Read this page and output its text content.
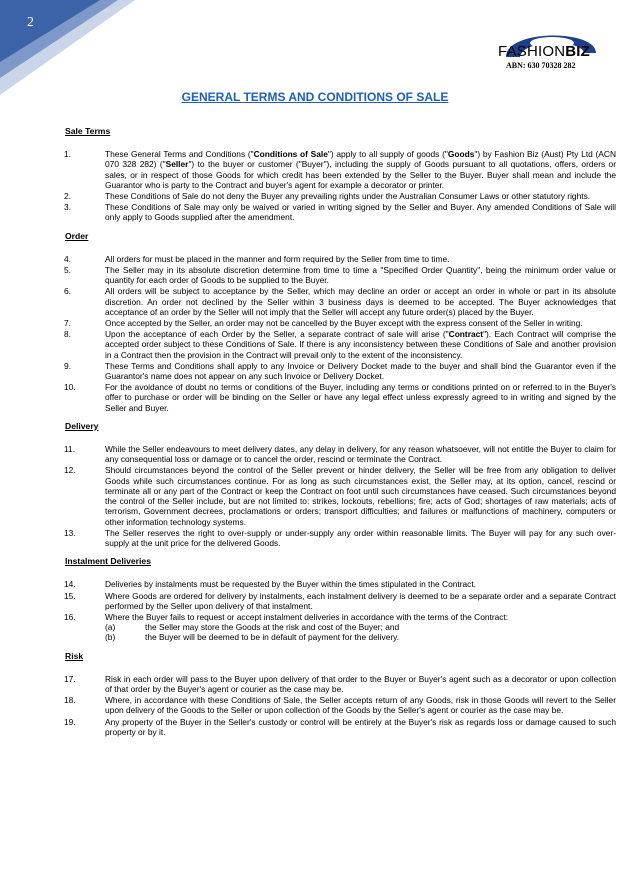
2
FASHIONBIZ
ABN: 630 70328 282
GENERAL TERMS AND CONDITIONS OF SALE
Sale Terms
1.	These General Terms and Conditions ("Conditions of Sale") apply to all supply of goods ("Goods") by Fashion Biz (Aust) Pty Ltd (ACN 070 328 282) ("Seller") to the buyer or customer ("Buyer"), including the supply of Goods pursuant to all quotations, offers, orders or sales, or in respect of those Goods for which credit has been extended by the Seller to the Buyer. Buyer shall mean and include the Guarantor who is party to the Contract and buyer's agent for example a decorator or printer.
2.	These Conditions of Sale do not deny the Buyer any prevailing rights under the Australian Consumer Laws or other statutory rights.
3.	These Conditions of Sale may only be waived or varied in writing signed by the Seller and Buyer. Any amended Conditions of Sale will only apply to Goods supplied after the amendment.
Order
4.	All orders for must be placed in the manner and form required by the Seller from time to time.
5.	The Seller may in its absolute discretion determine from time to time a "Specified Order Quantity", being the minimum order value or quantity for each order of Goods to be supplied to the Buyer.
6.	All orders will be subject to acceptance by the Seller, which may decline an order or accept an order in whole or part in its absolute discretion. An order not declined by the Seller within 3 business days is deemed to be accepted. The Buyer acknowledges that acceptance of an order by the Seller will not imply that the Seller will accept any future order(s) placed by the Buyer.
7.	Once accepted by the Seller, an order may not be cancelled by the Buyer except with the express consent of the Seller in writing.
8.	Upon the acceptance of each Order by the Seller, a separate contract of sale will arise ("Contract"). Each Contract will comprise the accepted order subject to these Conditions of Sale. If there is any inconsistency between these Conditions of Sale and another provision in a Contract then the provision in the Contract will prevail only to the extent of the inconsistency.
9.	These Terms and Conditions shall apply to any Invoice or Delivery Docket made to the buyer and shall bind the Guarantor even if the Guarantor's name does not appear on any such Invoice or Delivery Docket.
10.	For the avoidance of doubt no terms or conditions of the Buyer, including any terms or conditions printed on or referred to in the Buyer's offer to purchase or order will be binding on the Seller or have any legal effect unless expressly agreed to in writing and signed by the Seller and Buyer.
Delivery
11.	While the Seller endeavours to meet delivery dates, any delay in delivery, for any reason whatsoever, will not entitle the Buyer to claim for any consequential loss or damage or to cancel the order, rescind or terminate the Contract.
12.	Should circumstances beyond the control of the Seller prevent or hinder delivery, the Seller will be free from any obligation to deliver Goods while such circumstances continue. For as long as such circumstances exist, the Seller may, at its option, cancel, rescind or terminate all or any part of the Contract or keep the Contract on foot until such circumstances have ceased. Such circumstances beyond the control of the Seller include, but are not limited to: strikes, lockouts, rebellions; fire; acts of God; shortages of raw materials; acts of terrorism, Government decrees, proclamations or orders; transport difficulties; and failures or malfunctions of machinery, computers or other information technology systems.
13.	The Seller reserves the right to over-supply or under-supply any order within reasonable limits. The Buyer will pay for any such over-supply at the unit price for the delivered Goods.
Instalment Deliveries
14.	Deliveries by instalments must be requested by the Buyer within the times stipulated in the Contract.
15.	Where Goods are ordered for delivery by instalments, each instalment delivery is deemed to be a separate order and a separate Contract performed by the Seller upon delivery of that instalment.
16.	Where the Buyer fails to request or accept instalment deliveries in accordance with the terms of the Contract:
(a)	the Seller may store the Goods at the risk and cost of the Buyer; and
(b)	the Buyer will be deemed to be in default of payment for the delivery.
Risk
17.	Risk in each order will pass to the Buyer upon delivery of that order to the Buyer or Buyer's agent such as a decorator or upon collection of that order by the Buyer's agent or courier as the case may be.
18.	Where, in accordance with these Conditions of Sale, the Seller accepts return of any Goods, risk in those Goods will revert to the Seller upon delivery of the Goods to the Seller or upon collection of the Goods by the Seller's agent or courier as the case may be.
19.	Any property of the Buyer in the Seller's custody or control will be entirely at the Buyer's risk as regards loss or damage caused to such property or by it.
